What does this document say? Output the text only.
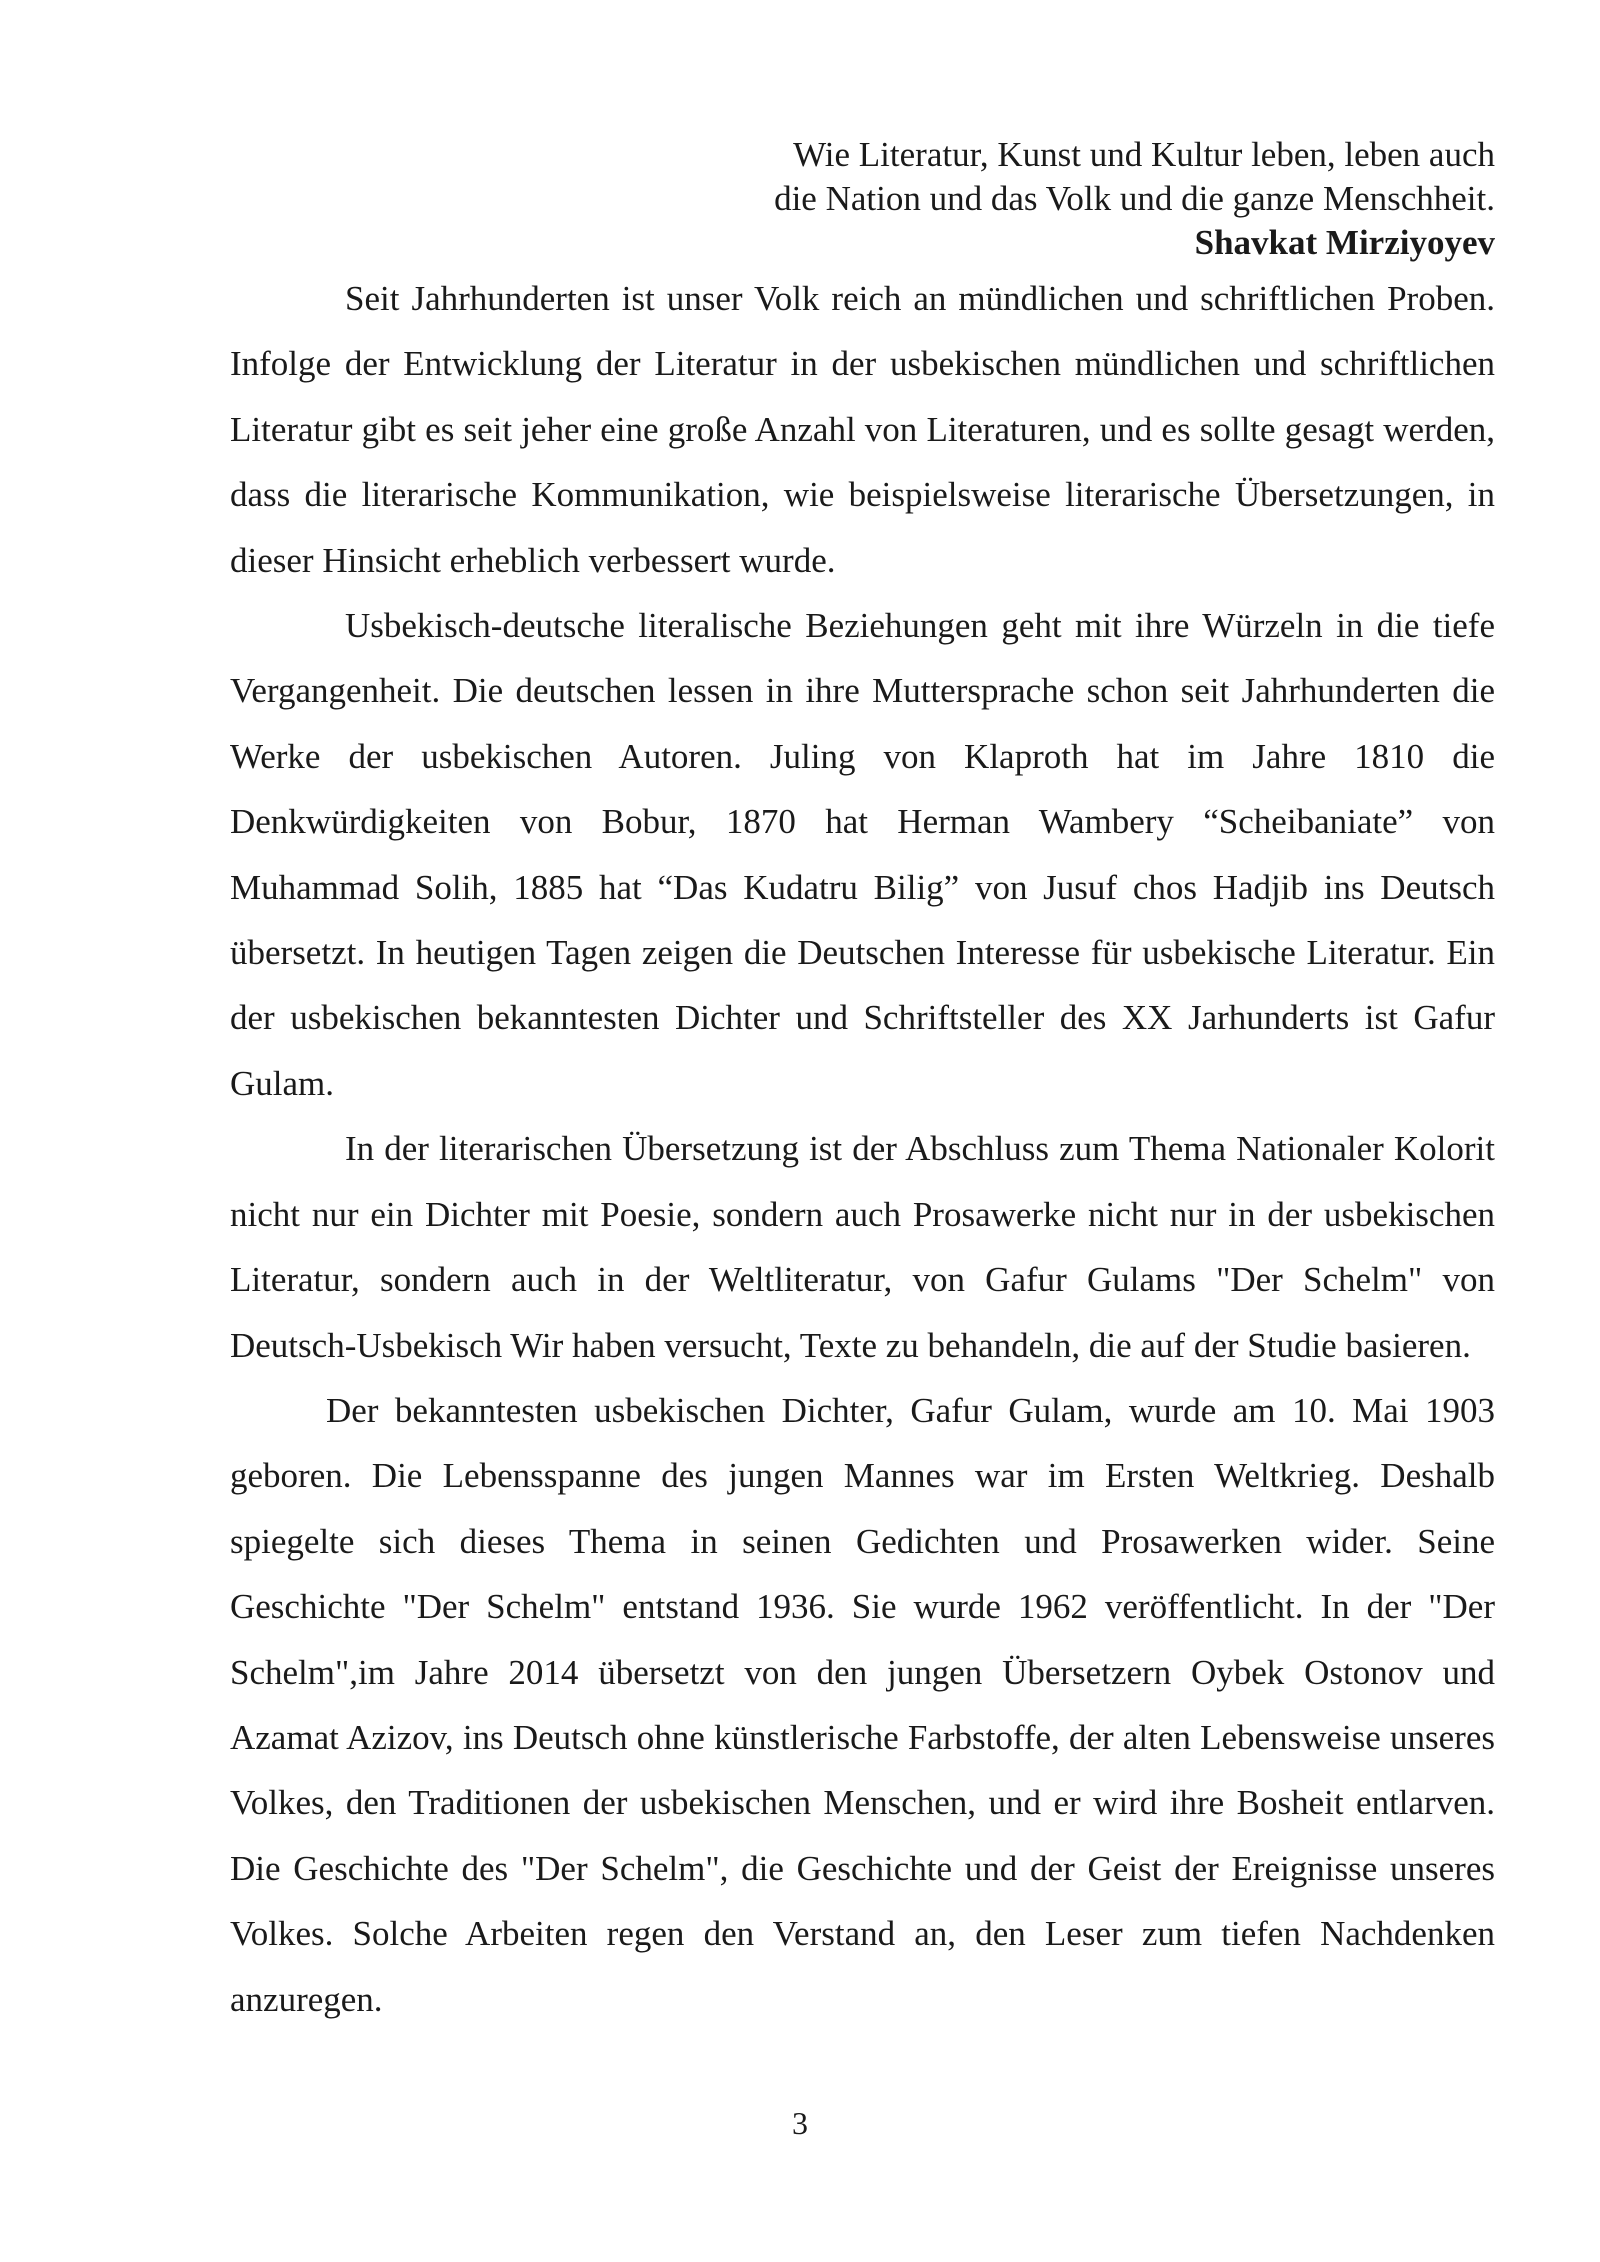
Wie Literatur, Kunst und Kultur leben, leben auch
die Nation und das Volk und die ganze Menschheit.
Shavkat Mirziyoyev

Seit Jahrhunderten ist unser Volk reich an mündlichen und schriftlichen Proben. Infolge der Entwicklung der Literatur in der usbekischen mündlichen und schriftlichen Literatur gibt es seit jeher eine große Anzahl von Literaturen, und es sollte gesagt werden, dass die literarische Kommunikation, wie beispielsweise literarische Übersetzungen, in dieser Hinsicht erheblich verbessert wurde.

Usbekisch-deutsche literalische Beziehungen geht mit ihre Würzeln in die tiefe Vergangenheit. Die deutschen lessen in ihre Muttersprache schon seit Jahrhunderten die Werke der usbekischen Autoren. Juling von Klaproth hat im Jahre 1810 die Denkwürdigkeiten von Bobur, 1870 hat Herman Wambery “Scheibaniate” von Muhammad Solih, 1885 hat “Das Kudatru Bilig” von Jusuf chos Hadjib ins Deutsch übersetzt. In heutigen Tagen zeigen die Deutschen Interesse für usbekische Literatur. Ein der usbekischen bekanntesten Dichter und Schriftsteller des XX Jarhunderts ist Gafur Gulam.

In der literarischen Übersetzung ist der Abschluss zum Thema Nationaler Kolorit nicht nur ein Dichter mit Poesie, sondern auch Prosawerke nicht nur in der usbekischen Literatur, sondern auch in der Weltliteratur, von Gafur Gulams "Der Schelm" von Deutsch-Usbekisch Wir haben versucht, Texte zu behandeln, die auf der Studie basieren.

Der bekanntesten usbekischen Dichter, Gafur Gulam, wurde am 10. Mai 1903 geboren. Die Lebensspanne des jungen Mannes war im Ersten Weltkrieg. Deshalb spiegelte sich dieses Thema in seinen Gedichten und Prosawerken wider. Seine Geschichte "Der Schelm" entstand 1936. Sie wurde 1962 veröffentlicht. In der "Der Schelm",im Jahre 2014 übersetzt von den jungen Übersetzern Oybek Ostonov und Azamat Azizov, ins Deutsch ohne künstlerische Farbstoffe, der alten Lebensweise unseres Volkes, den Traditionen der usbekischen Menschen, und er wird ihre Bosheit entlarven. Die Geschichte des "Der Schelm", die Geschichte und der Geist der Ereignisse unseres Volkes. Solche Arbeiten regen den Verstand an, den Leser zum tiefen Nachdenken anzuregen.

3
